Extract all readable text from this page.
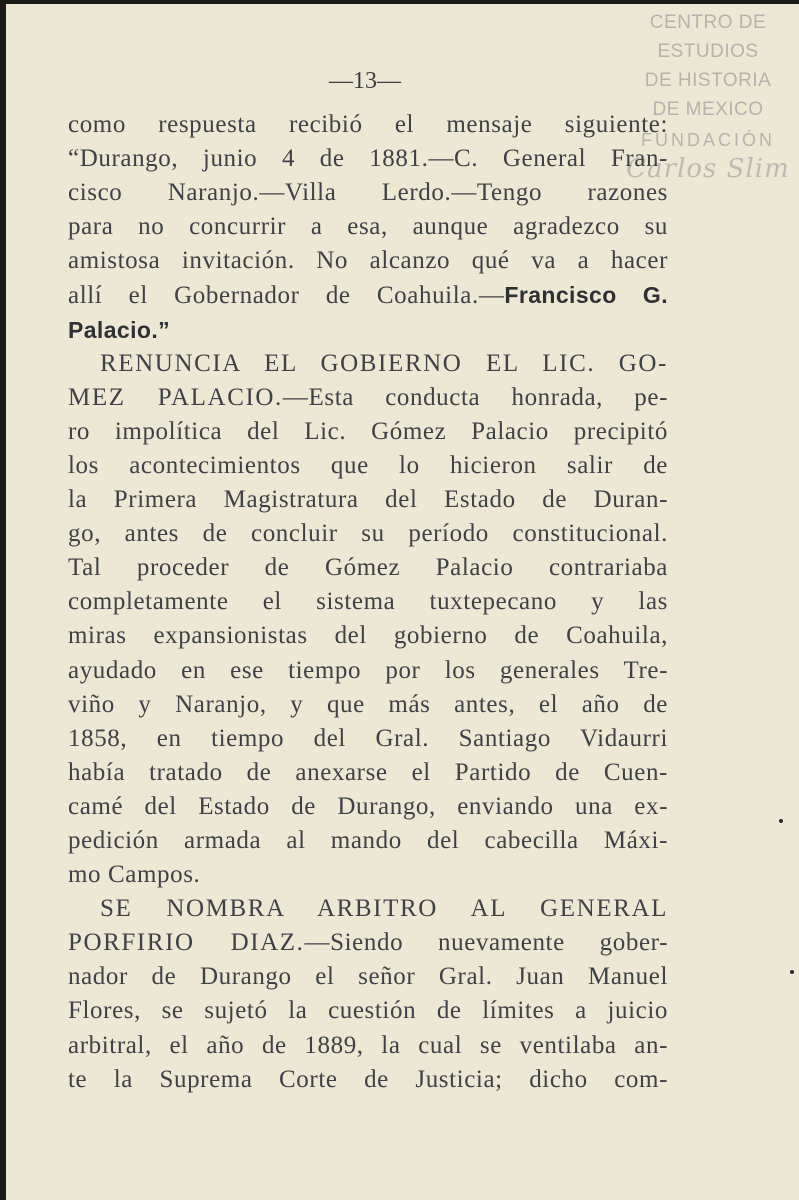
CENTRO DE
ESTUDIOS
DE HISTORIA
DE MEXICO
FUNDACIÓN
Carlos Slim
—13—
como respuesta recibió el mensaje siguiente:
“Durango, junio 4 de 1881.—C. General Fran-
cisco Naranjo.—Villa Lerdo.—Tengo razones
para no concurrir a esa, aunque agradezco su
amistosa invitación. No alcanzo qué va a hacer
allí el Gobernador de Coahuila.—Francisco G.
Palacio.”
RENUNCIA EL GOBIERNO EL LIC. GO-
MEZ PALACIO.—Esta conducta honrada, pe-
ro impolítica del Lic. Gómez Palacio precipitó
los acontecimientos que lo hicieron salir de
la Primera Magistratura del Estado de Duran-
go, antes de concluir su período constitucional.
Tal proceder de Gómez Palacio contrariaba
completamente el sistema tuxtepecano y las
miras expansionistas del gobierno de Coahuila,
ayudado en ese tiempo por los generales Tre-
viño y Naranjo, y que más antes, el año de
1858, en tiempo del Gral. Santiago Vidaurri
había tratado de anexarse el Partido de Cuen-
camé del Estado de Durango, enviando una ex-
pedición armada al mando del cabecilla Máxi-
mo Campos.
SE NOMBRA ARBITRO AL GENERAL
PORFIRIO DIAZ.—Siendo nuevamente gober-
nador de Durango el señor Gral. Juan Manuel
Flores, se sujetó la cuestión de límites a juicio
arbitral, el año de 1889, la cual se ventilaba an-
te la Suprema Corte de Justicia; dicho com-
